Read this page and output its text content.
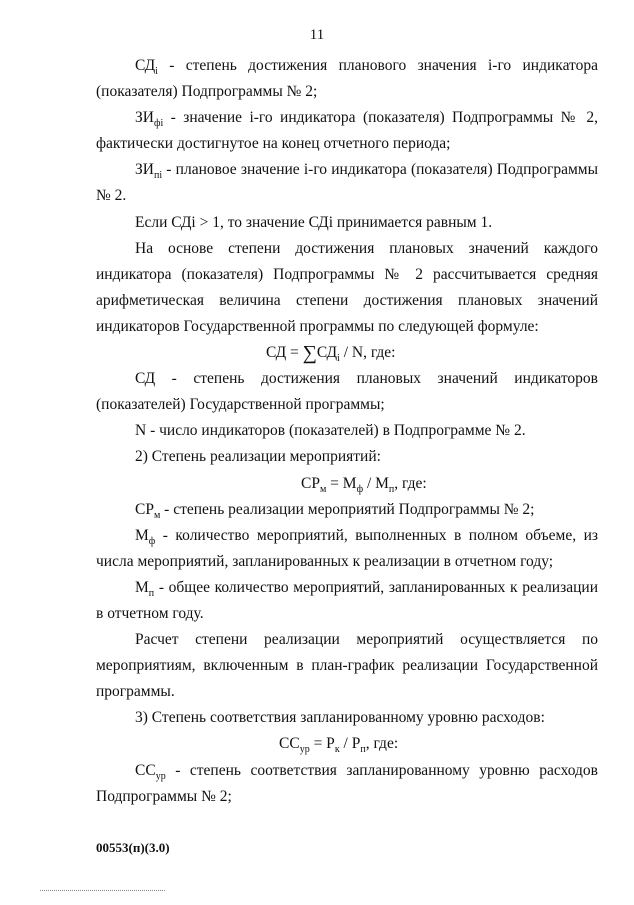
11

$СД_i$ - степень достижения планового значения i-го индикатора (показателя) Подпрограммы № 2;

$ЗИ_{фi}$ - значение i-го индикатора (показателя) Подпрограммы № 2, фактически достигнутое на конец отчетного периода;

$ЗИ_{пi}$ - плановое значение i-го индикатора (показателя) Подпрограммы № 2.

Если СДi > 1, то значение СДi принимается равным 1.

На основе степени достижения плановых значений каждого индикатора (показателя) Подпрограммы № 2 рассчитывается средняя арифметическая величина степени достижения плановых значений индикаторов Государственной программы по следующей формуле:

СД = $\sum СД_i$ / N, где:

СД - степень достижения плановых значений индикаторов (показателей) Государственной программы;

N - число индикаторов (показателей) в Подпрограмме № 2.

2) Степень реализации мероприятий:

$СР_м = М_ф / М_п$, где:

$СР_м$ - степень реализации мероприятий Подпрограммы № 2;

$М_ф$ - количество мероприятий, выполненных в полном объеме, из числа мероприятий, запланированных к реализации в отчетном году;

$М_п$ - общее количество мероприятий, запланированных к реализации в отчетном году.

Расчет степени реализации мероприятий осуществляется по мероприятиям, включенным в план-график реализации Государственной программы.

3) Степень соответствия запланированному уровню расходов:

$СС_{ур} = Р_к / Р_п$, где:

$СС_{ур}$ - степень соответствия запланированному уровню расходов Подпрограммы № 2;

00553(п)(3.0)
